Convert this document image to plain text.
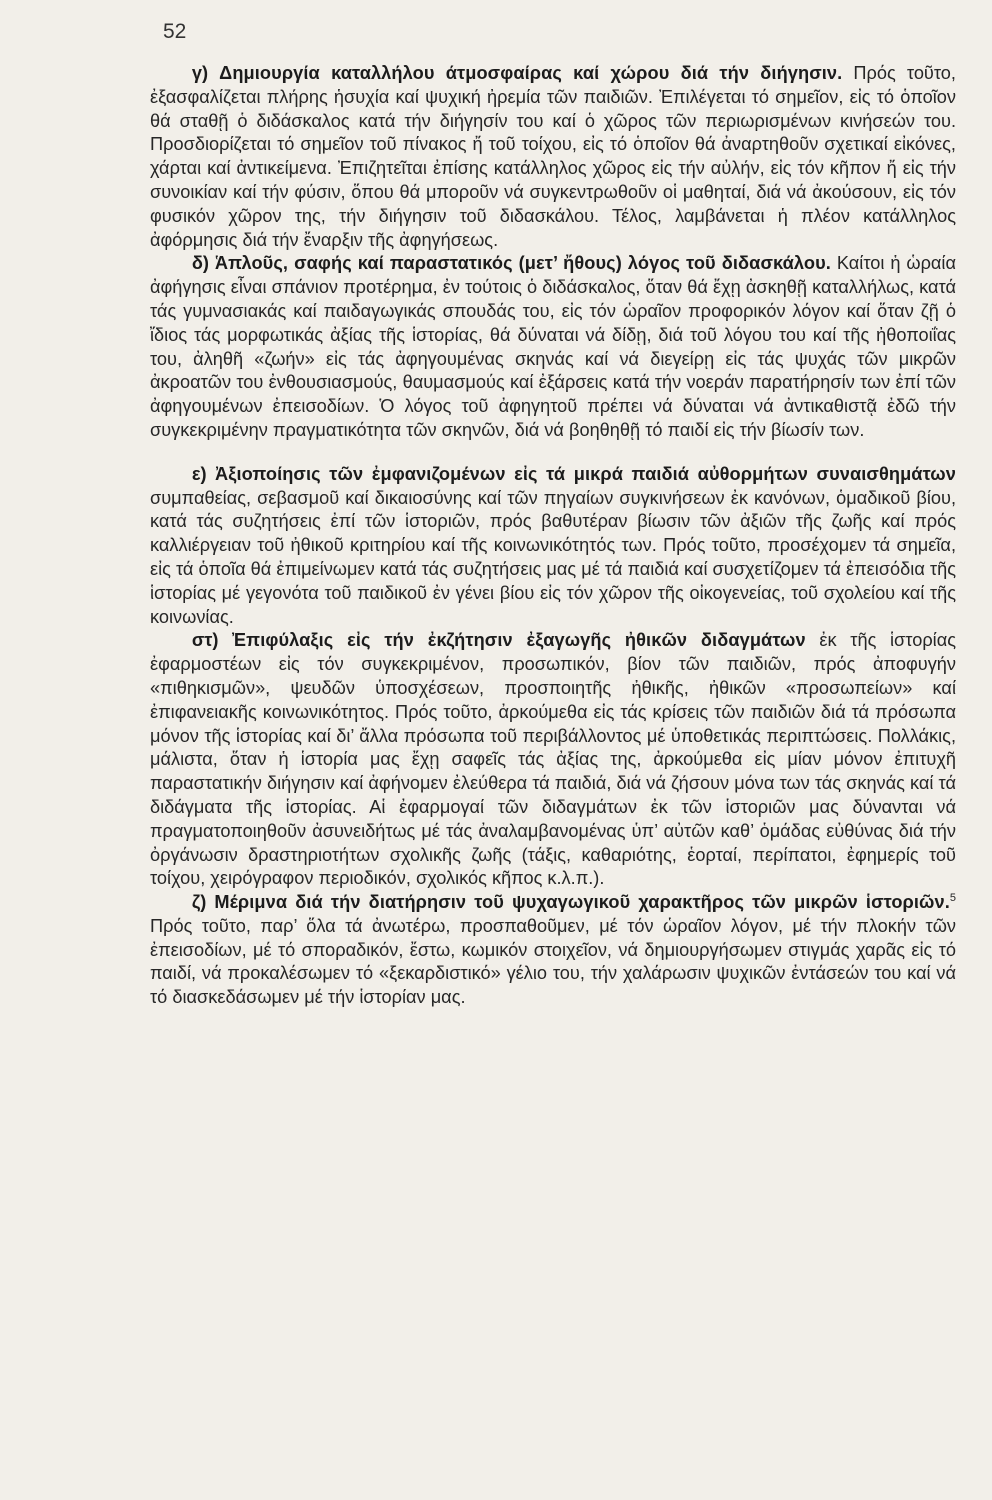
52

γ) Δημιουργία καταλλήλου άτμοσφαίρας καί χώρου διά τήν διήγησιν. Πρός τοῦτο, ἐξασφαλίζεται πλήρης ἡσυχία καί ψυχική ἠρεμία τῶν παιδιῶν. Ἐπιλέγεται τό σημεῖον, εἰς τό ὁποῖον θά σταθῇ ὁ διδάσκαλος κατά τήν διήγησίν του καί ὁ χῶρος τῶν περιωρισμένων κινήσεών του. Προσδιορίζεται τό σημεῖον τοῦ πίνακος ἤ τοῦ τοίχου, εἰς τό ὁποῖον θά ἀναρτηθοῦν σχετικαί εἰκόνες, χάρται καί ἀντικείμενα. Ἐπιζητεῖται ἐπίσης κατάλληλος χῶρος εἰς τήν αὐλήν, εἰς τόν κῆπον ἤ εἰς τήν συνοικίαν καί τήν φύσιν, ὅπου θά μποροῦν νά συγκεντρωθοῦν οἱ μαθηταί, διά νά ἀκούσουν, εἰς τόν φυσικόν χῶρον της, τήν διήγησιν τοῦ διδασκάλου. Τέλος, λαμβάνεται ἡ πλέον κατάλληλος ἀφόρμησις διά τήν ἔναρξιν τῆς ἀφηγήσεως.

δ) Ἁπλοῦς, σαφής καί παραστατικός (μετ’ ἤθους) λόγος τοῦ διδασκάλου. Καίτοι ἡ ὡραία ἀφήγησις εἶναι σπάνιον προτέρημα, ἐν τούτοις ὁ διδάσκαλος, ὅταν θά ἔχῃ ἀσκηθῇ καταλλήλως, κατά τάς γυμνασιακάς καί παιδαγωγικάς σπουδάς του, εἰς τόν ὡραῖον προφορικόν λόγον καί ὅταν ζῇ ὁ ἴδιος τάς μορφωτικάς ἀξίας τῆς ἱστορίας, θά δύναται νά δίδῃ, διά τοῦ λόγου του καί τῆς ἠθοποιΐας του, ἀληθῆ «ζωήν» εἰς τάς ἀφηγουμένας σκηνάς καί νά διεγείρῃ εἰς τάς ψυχάς τῶν μικρῶν ἀκροατῶν του ἐνθουσιασμούς, θαυμασμούς καί ἐξάρσεις κατά τήν νοεράν παρατήρησίν των ἐπί τῶν ἀφηγουμένων ἐπεισοδίων. Ὁ λόγος τοῦ ἀφηγητοῦ πρέπει νά δύναται νά ἀντικαθιστᾷ ἐδῶ τήν συγκεκριμένην πραγματικότητα τῶν σκηνῶν, διά νά βοηθηθῇ τό παιδί εἰς τήν βίωσίν των.

ε) Ἀξιοποίησις τῶν ἐμφανιζομένων εἰς τά μικρά παιδιά αὐθορμήτων συναισθημάτων συμπαθείας, σεβασμοῦ καί δικαιοσύνης καί τῶν πηγαίων συγκινήσεων ἐκ κανόνων, ὁμαδικοῦ βίου, κατά τάς συζητήσεις ἐπί τῶν ἱστοριῶν, πρός βαθυτέραν βίωσιν τῶν ἀξιῶν τῆς ζωῆς καί πρός καλλιέργειαν τοῦ ἠθικοῦ κριτηρίου καί τῆς κοινωνικότητός των. Πρός τοῦτο, προσέχομεν τά σημεῖα, εἰς τά ὁποῖα θά ἐπιμείνωμεν κατά τάς συζητήσεις μας μέ τά παιδιά καί συσχετίζομεν τά ἐπεισόδια τῆς ἱστορίας μέ γεγονότα τοῦ παιδικοῦ ἐν γένει βίου εἰς τόν χῶρον τῆς οἰκογενείας, τοῦ σχολείου καί τῆς κοινωνίας.

στ) Ἐπιφύλαξις εἰς τήν ἐκζήτησιν ἐξαγωγῆς ἠθικῶν διδαγμάτων ἐκ τῆς ἱστορίας ἐφαρμοστέων εἰς τόν συγκεκριμένον, προσωπικόν, βίον τῶν παιδιῶν, πρός ἀποφυγήν «πιθηκισμῶν», ψευδῶν ὑποσχέσεων, προσποιητῆς ἠθικῆς, ἠθικῶν «προσωπείων» καί ἐπιφανειακῆς κοινωνικότητος. Πρός τοῦτο, ἀρκούμεθα εἰς τάς κρίσεις τῶν παιδιῶν διά τά πρόσωπα μόνον τῆς ἱστορίας καί δι’ ἄλλα πρόσωπα τοῦ περιβάλλοντος μέ ὑποθετικάς περιπτώσεις. Πολλάκις, μάλιστα, ὅταν ἡ ἱστορία μας ἔχῃ σαφεῖς τάς ἀξίας της, ἀρκούμεθα εἰς μίαν μόνον ἐπιτυχῆ παραστατικήν διήγησιν καί ἀφήνομεν ἐλεύθερα τά παιδιά, διά νά ζήσουν μόνα των τάς σκηνάς καί τά διδάγματα τῆς ἱστορίας. Αἱ ἐφαρμογαί τῶν διδαγμάτων ἐκ τῶν ἱστοριῶν μας δύνανται νά πραγματοποιηθοῦν ἀσυνειδήτως μέ τάς ἀναλαμβανομένας ὑπ’ αὐτῶν καθ’ ὁμάδας εὐθύνας διά τήν ὀργάνωσιν δραστηριοτήτων σχολικῆς ζωῆς (τάξις, καθαριότης, ἑορταί, περίπατοι, ἐφημερίς τοῦ τοίχου, χειρόγραφον περιοδικόν, σχολικός κῆπος κ.λ.π.).

ζ) Μέριμνα διά τήν διατήρησιν τοῦ ψυχαγωγικοῦ χαρακτῆρος τῶν μικρῶν ἱστοριῶν.$^5$ Πρός τοῦτο, παρ’ ὅλα τά ἀνωτέρω, προσπαθοῦμεν, μέ τόν ὡραῖον λόγον, μέ τήν πλοκήν τῶν ἐπεισοδίων, μέ τό σποραδικόν, ἔστω, κωμικόν στοιχεῖον, νά δημιουργήσωμεν στιγμάς χαρᾶς εἰς τό παιδί, νά προκαλέσωμεν τό «ξεκαρδιστικό» γέλιο του, τήν χαλάρωσιν ψυχικῶν ἐντάσεών του καί νά τό διασκεδάσωμεν μέ τήν ἱστορίαν μας.
